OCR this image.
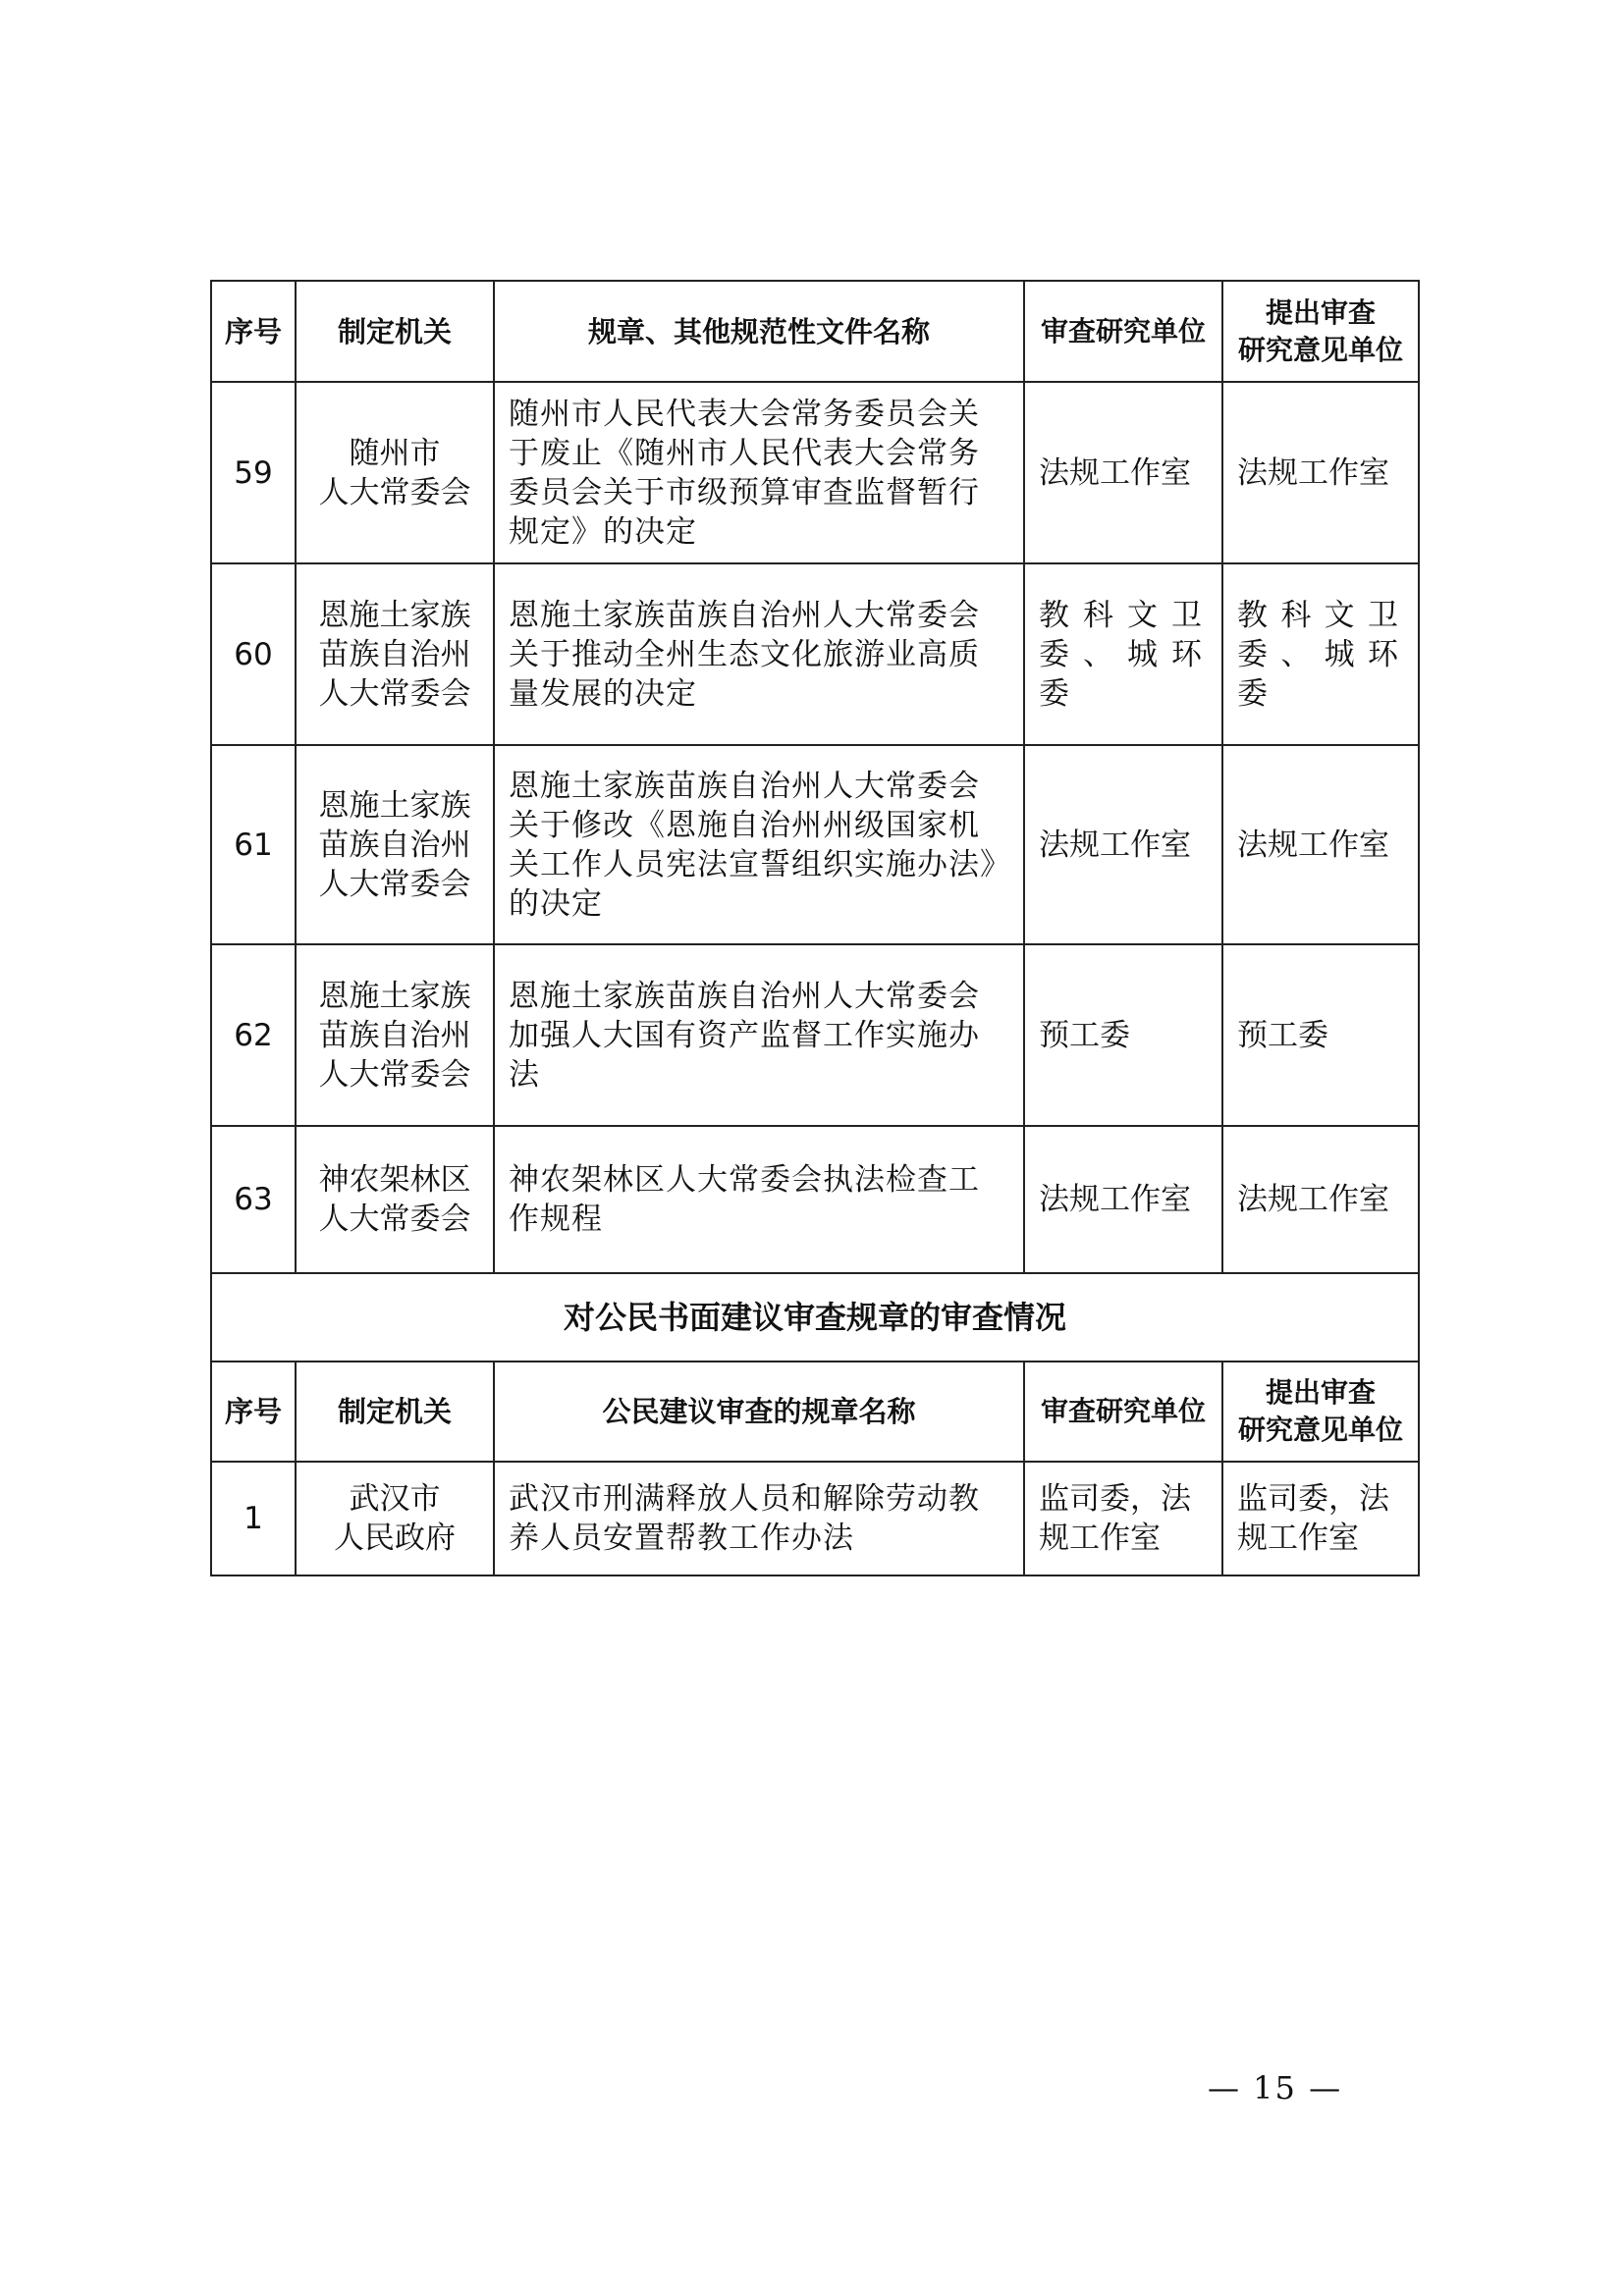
序号	制定机关	规章、其他规范性文件名称	审查研究单位	提出审查
研究意见单位

59	随州市
人大常委会	随州市人民代表大会常务委员会关于废止《随州市人民代表大会常务委员会关于市级预算审查监督暂行规定》的决定	法规工作室	法规工作室
60	恩施土家族
苗族自治州
人大常委会	恩施土家族苗族自治州人大常委会关于推动全州生态文化旅游业高质量发展的决定	教科文卫委、城环委	教科文卫委、城环委
61	恩施土家族
苗族自治州
人大常委会	恩施土家族苗族自治州人大常委会关于修改《恩施自治州州级国家机关工作人员宪法宣誓组织实施办法》的决定	法规工作室	法规工作室
62	恩施土家族
苗族自治州
人大常委会	恩施土家族苗族自治州人大常委会加强人大国有资产监督工作实施办法	预工委	预工委
63	神农架林区
人大常委会	神农架林区人大常委会执法检查工作规程	法规工作室	法规工作室
对公民书面建议审查规章的审查情况				
序号	制定机关	公民建议审查的规章名称	审查研究单位	提出审查
研究意见单位

1	武汉市
人民政府	武汉市刑满释放人员和解除劳动教养人员安置帮教工作办法	监司委，法规工作室	监司委，法规工作室
— 15 —
